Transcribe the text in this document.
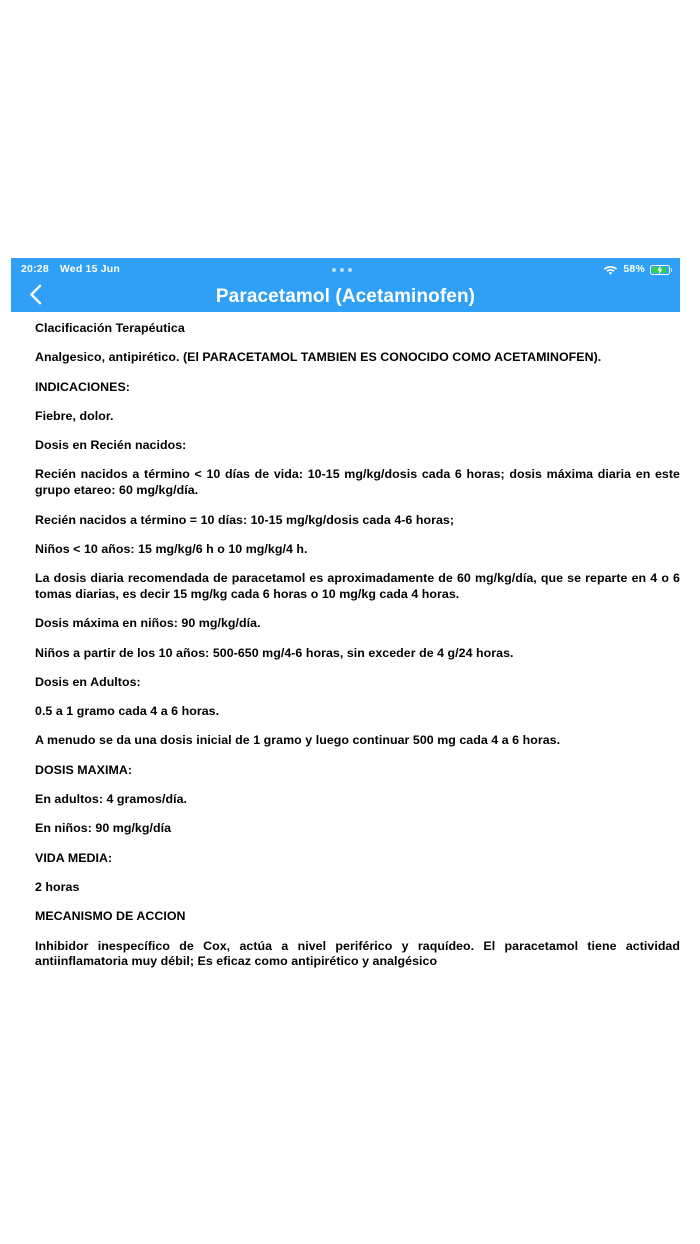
20:28 Wed 15 Jun	58%
Paracetamol (Acetaminofen)

Clacificación Terapéutica

Analgesico, antipirético. (El PARACETAMOL TAMBIEN ES CONOCIDO COMO ACETAMINOFEN).

INDICACIONES:

Fiebre, dolor.

Dosis en Recién nacidos:

Recién nacidos a término < 10 días de vida: 10-15 mg/kg/dosis cada 6 horas; dosis máxima diaria en este grupo etareo: 60 mg/kg/día.

Recién nacidos a término = 10 días: 10-15 mg/kg/dosis cada 4-6 horas;

Niños < 10 años: 15 mg/kg/6 h o 10 mg/kg/4 h.

La dosis diaria recomendada de paracetamol es aproximadamente de 60 mg/kg/día, que se reparte en 4 o 6 tomas diarias, es decir 15 mg/kg cada 6 horas o 10 mg/kg cada 4 horas.

Dosis máxima en niños: 90 mg/kg/día.

Niños a partir de los 10 años: 500-650 mg/4-6 horas, sin exceder de 4 g/24 horas.

Dosis en Adultos:

0.5 a 1 gramo cada 4 a 6 horas.

A menudo se da una dosis inicial de 1 gramo y luego continuar 500 mg cada 4 a 6 horas.

DOSIS MAXIMA:

En adultos: 4 gramos/día.

En niños: 90 mg/kg/día

VIDA MEDIA:

2 horas

MECANISMO DE ACCION

Inhibidor inespecífico de Cox, actúa a nivel periférico y raquídeo. El paracetamol tiene actividad antiinflamatoria muy débil; Es eficaz como antipirético y analgésico
